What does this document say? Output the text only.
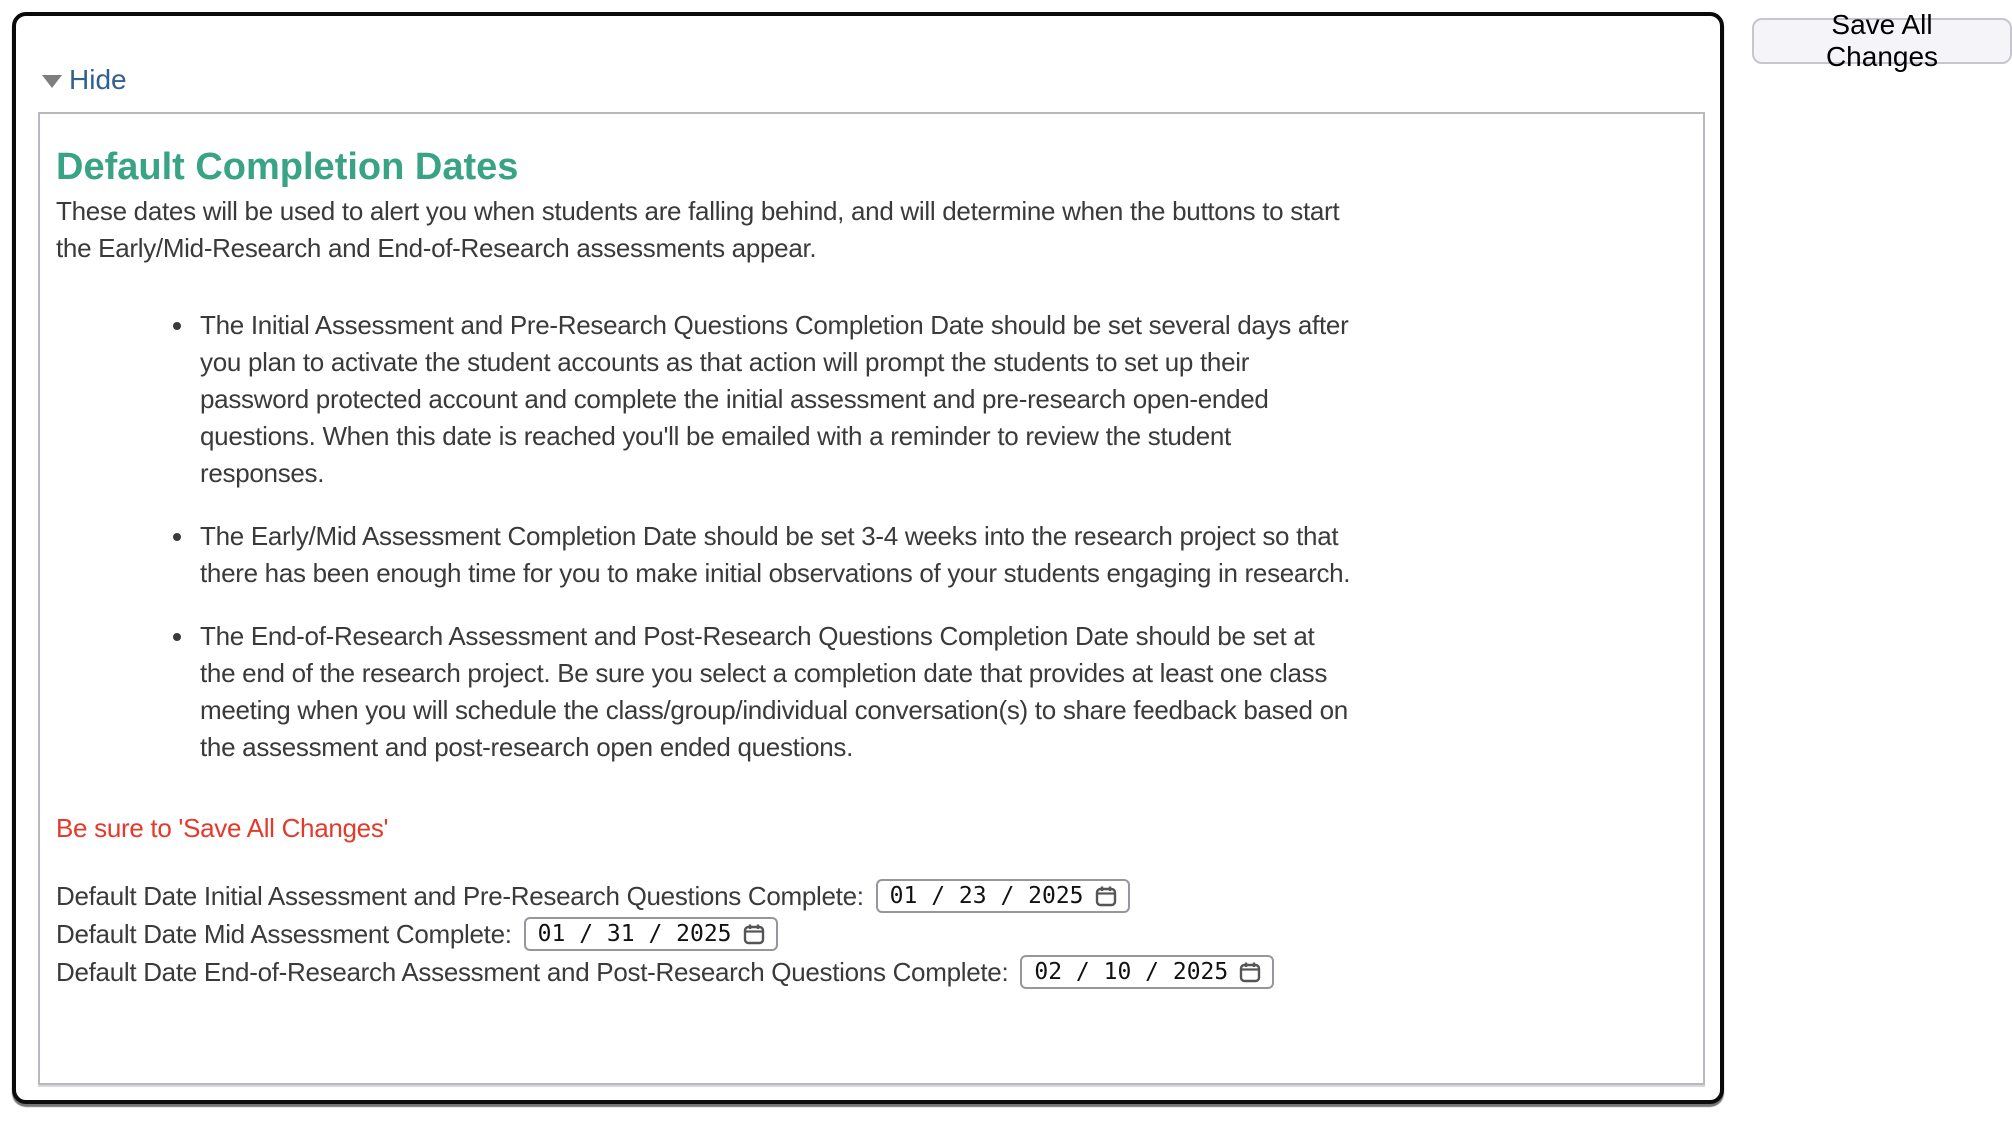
Save All Changes
Hide
Default Completion Dates

These dates will be used to alert you when students are falling behind, and will determine when the buttons to start the Early/Mid-Research and End-of-Research assessments appear.

• The Initial Assessment and Pre-Research Questions Completion Date should be set several days after you plan to activate the student accounts as that action will prompt the students to set up their password protected account and complete the initial assessment and pre-research open-ended questions. When this date is reached you'll be emailed with a reminder to review the student responses.
• The Early/Mid Assessment Completion Date should be set 3-4 weeks into the research project so that there has been enough time for you to make initial observations of your students engaging in research.
• The End-of-Research Assessment and Post-Research Questions Completion Date should be set at the end of the research project. Be sure you select a completion date that provides at least one class meeting when you will schedule the class/group/individual conversation(s) to share feedback based on the assessment and post-research open ended questions.

Be sure to 'Save All Changes'

Default Date Initial Assessment and Pre-Research Questions Complete: 01 / 23 / 2025
Default Date Mid Assessment Complete: 01 / 31 / 2025
Default Date End-of-Research Assessment and Post-Research Questions Complete: 02 / 10 / 2025
